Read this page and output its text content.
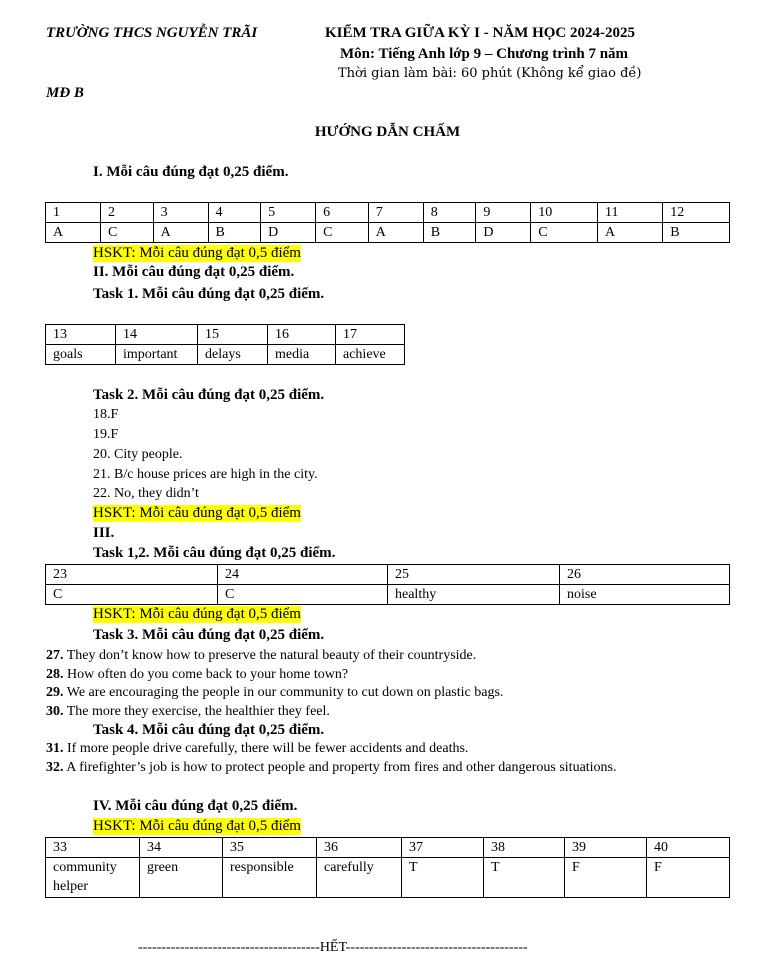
TRƯỜNG THCS NGUYỄN TRÃI	KIỂM TRA GIỮA KỲ I - NĂM HỌC 2024-2025
Môn: Tiếng Anh lớp 9 – Chương trình 7 năm
Thời gian làm bài: 60 phút (Không kể giao đề)
MĐ B
HƯỚNG DẪN CHẤM
I. Mỗi câu đúng đạt 0,25 điểm.
1	2	3	4	5	6	7	8	9	10	11	12
A	C	A	B	D	C	A	B	D	C	A	B
HSKT: Mỗi câu đúng đạt 0,5 điểm
II. Mỗi câu đúng đạt 0,25 điểm.
Task 1. Mỗi câu đúng đạt 0,25 điểm.
13	14	15	16	17
goals	important	delays	media	achieve
Task 2. Mỗi câu đúng đạt 0,25 điểm.
18.F
19.F
20. City people.
21. B/c house prices are high in the city.
22. No, they didn’t
HSKT: Mỗi câu đúng đạt 0,5 điểm
III.
Task 1,2. Mỗi câu đúng đạt 0,25 điểm.
23	24	25	26
C	C	healthy	noise
HSKT: Mỗi câu đúng đạt 0,5 điểm
Task 3. Mỗi câu đúng đạt 0,25 điểm.
27. They don’t know how to preserve the natural beauty of their countryside.
28. How often do you come back to your home town?
29. We are encouraging the people in our community to cut down on plastic bags.
30. The more they exercise, the healthier they feel.
Task 4. Mỗi câu đúng đạt 0,25 điểm.
31. If more people drive carefully, there will be fewer accidents and deaths.
32. A firefighter’s job is how to protect people and property from fires and other dangerous situations.
IV. Mỗi câu đúng đạt 0,25 điểm.
HSKT: Mỗi câu đúng đạt 0,5 điểm
33	34	35	36	37	38	39	40
community helper	green	responsible	carefully	T	T	F	F
---------------------------------------HẾT---------------------------------------
